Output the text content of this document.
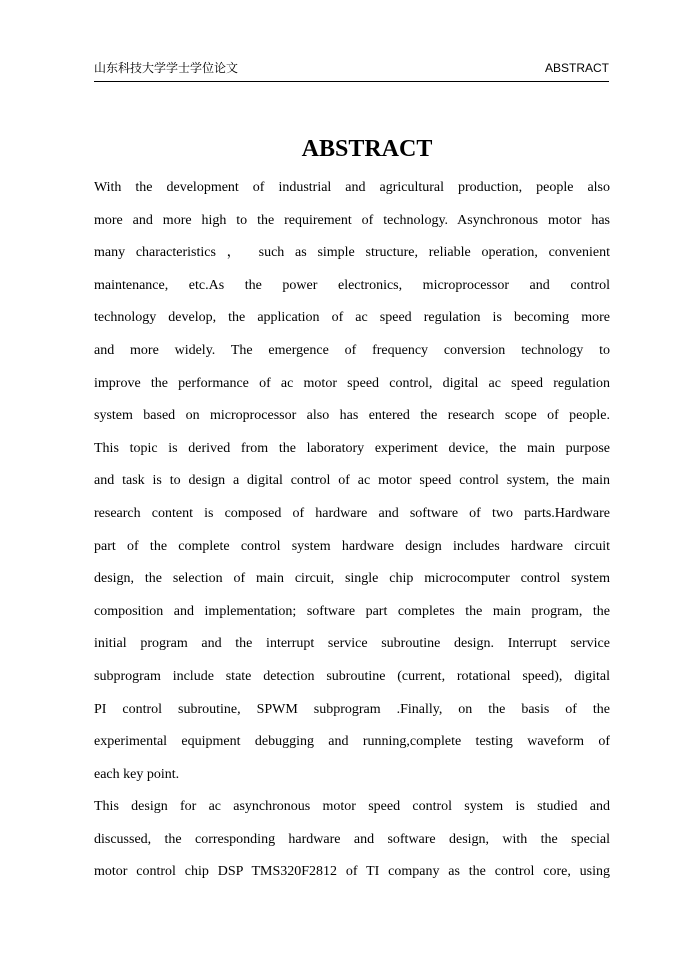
山东科技大学学士学位论文	ABSTRACT
ABSTRACT
With the development of industrial and agricultural production, people also
more and more high to the requirement of technology. Asynchronous motor has
many characteristics ， such as simple structure, reliable operation, convenient
maintenance, etc.As the power electronics, microprocessor and control
technology develop, the application of ac speed regulation is becoming more
and more widely. The emergence of frequency conversion technology to
improve the performance of ac motor speed control, digital ac speed regulation
system based on microprocessor also has entered the research scope of people.
This topic is derived from the laboratory experiment device, the main purpose
and task is to design a digital control of ac motor speed control system, the main
research content is composed of hardware and software of two parts.Hardware
part of the complete control system hardware design includes hardware circuit
design, the selection of main circuit, single chip microcomputer control system
composition and implementation; software part completes the main program, the
initial program and the interrupt service subroutine design. Interrupt service
subprogram include state detection subroutine (current, rotational speed), digital
PI control subroutine, SPWM subprogram .Finally, on the basis of the
experimental equipment debugging and running,complete testing waveform of
each key point.
This design for ac asynchronous motor speed control system is studied and
discussed, the corresponding hardware and software design, with the special
motor control chip DSP TMS320F2812 of TI company as the control core, using
